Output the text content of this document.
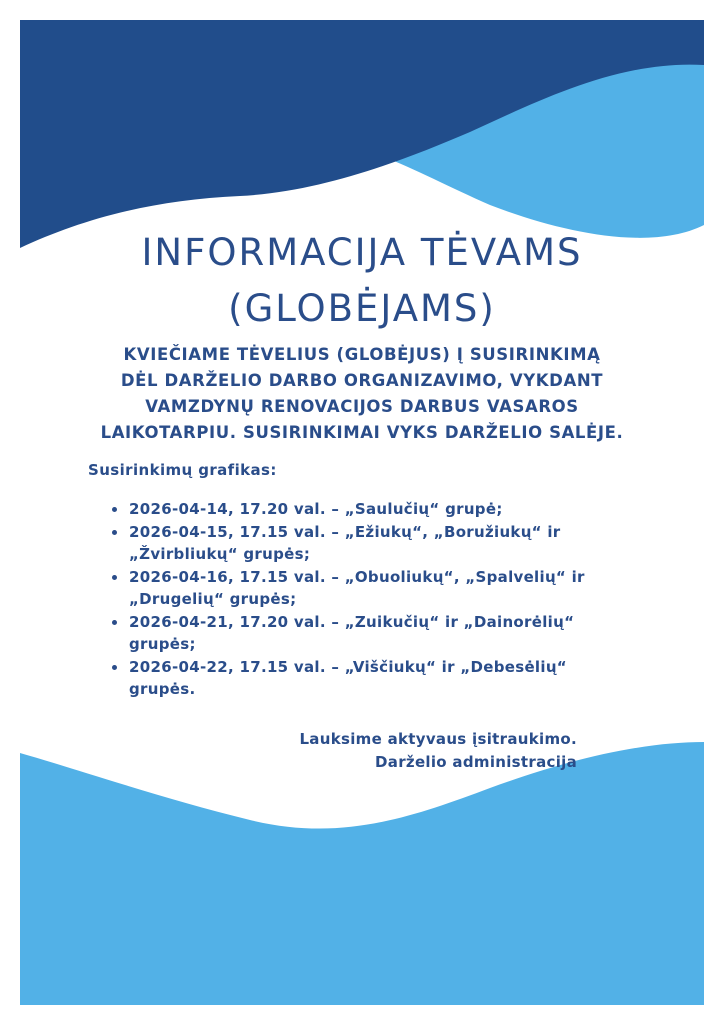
INFORMACIJA TĖVAMS
(GLOBĖJAMS)

KVIEČIAME TĖVELIUS (GLOBĖJUS) Į SUSIRINKIMĄ
DĖL DARŽELIO DARBO ORGANIZAVIMO, VYKDANT
VAMZDYNŲ RENOVACIJOS DARBUS VASAROS
LAIKOTARPIU. SUSIRINKIMAI VYKS DARŽELIO SALĖJE.

Susirinkimų grafikas:

2026-04-14, 17.20 val. – „Saulučių“ grupė;
2026-04-15, 17.15 val. – „Ežiukų“, „Boružiukų“ ir
„Žvirbliukų“ grupės;
2026-04-16, 17.15 val. – „Obuoliukų“, „Spalvelių“ ir
„Drugelių“ grupės;
2026-04-21, 17.20 val. – „Zuikučių“ ir „Dainorėlių“
grupės;
2026-04-22, 17.15 val. – „Viščiukų“ ir „Debesėlių“
grupės.
Lauksime aktyvaus įsitraukimo.
Darželio administracija
